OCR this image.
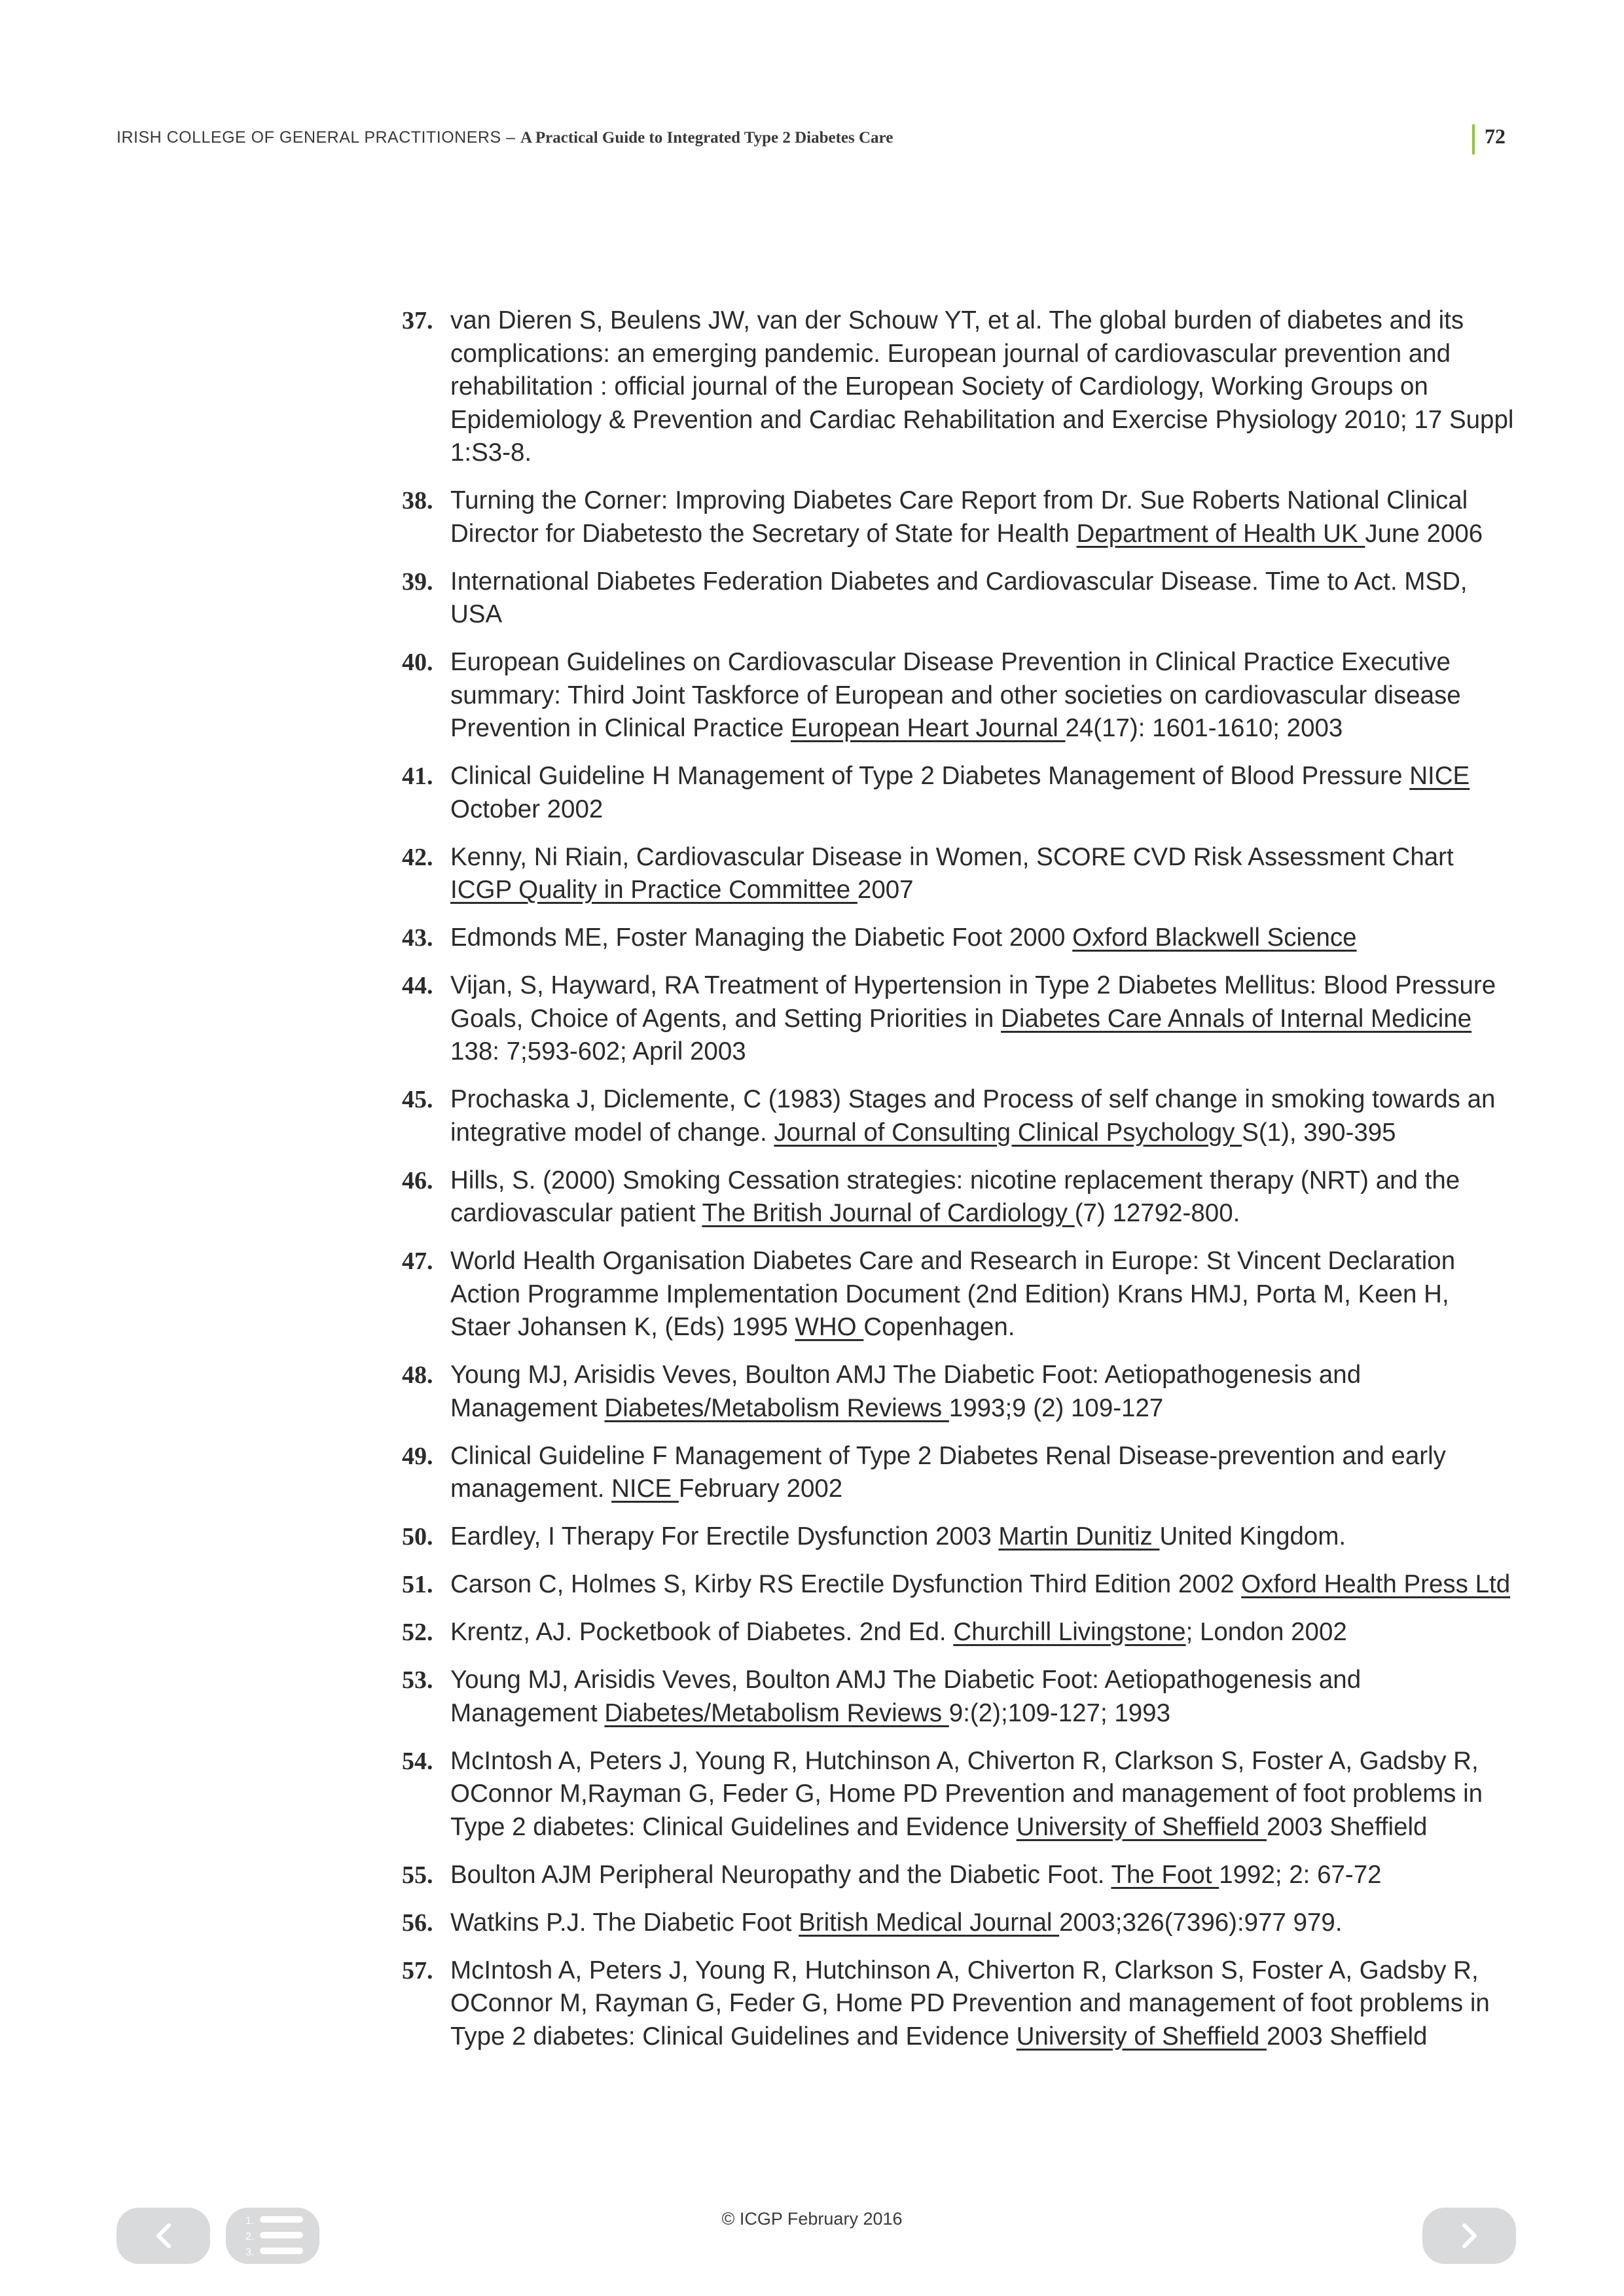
IRISH COLLEGE OF GENERAL PRACTITIONERS – A Practical Guide to Integrated Type 2 Diabetes Care	72
37. van Dieren S, Beulens JW, van der Schouw YT, et al. The global burden of diabetes and its complications: an emerging pandemic. European journal of cardiovascular prevention and rehabilitation : official journal of the European Society of Cardiology, Working Groups on Epidemiology & Prevention and Cardiac Rehabilitation and Exercise Physiology 2010; 17 Suppl 1:S3-8.
38. Turning the Corner: Improving Diabetes Care Report from Dr. Sue Roberts National Clinical Director for Diabetesto the Secretary of State for Health Department of Health UK June 2006
39. International Diabetes Federation Diabetes and Cardiovascular Disease. Time to Act. MSD, USA
40. European Guidelines on Cardiovascular Disease Prevention in Clinical Practice Executive summary: Third Joint Taskforce of European and other societies on cardiovascular disease Prevention in Clinical Practice European Heart Journal 24(17): 1601-1610; 2003
41. Clinical Guideline H Management of Type 2 Diabetes Management of Blood Pressure NICE October 2002
42. Kenny, Ni Riain, Cardiovascular Disease in Women, SCORE CVD Risk Assessment Chart ICGP Quality in Practice Committee 2007
43. Edmonds ME, Foster Managing the Diabetic Foot 2000 Oxford Blackwell Science
44. Vijan, S, Hayward, RA Treatment of Hypertension in Type 2 Diabetes Mellitus: Blood Pressure Goals, Choice of Agents, and Setting Priorities in Diabetes Care Annals of Internal Medicine 138: 7;593-602; April 2003
45. Prochaska J, Diclemente, C (1983) Stages and Process of self change in smoking towards an integrative model of change. Journal of Consulting Clinical Psychology S(1), 390-395
46. Hills, S. (2000) Smoking Cessation strategies: nicotine replacement therapy (NRT) and the cardiovascular patient The British Journal of Cardiology (7) 12792-800.
47. World Health Organisation Diabetes Care and Research in Europe: St Vincent Declaration Action Programme Implementation Document (2nd Edition) Krans HMJ, Porta M, Keen H, Staer Johansen K, (Eds) 1995 WHO Copenhagen.
48. Young MJ, Arisidis Veves, Boulton AMJ The Diabetic Foot: Aetiopathogenesis and Management Diabetes/Metabolism Reviews 1993;9 (2) 109-127
49. Clinical Guideline F Management of Type 2 Diabetes Renal Disease-prevention and early management. NICE February 2002
50. Eardley, I Therapy For Erectile Dysfunction 2003 Martin Dunitiz United Kingdom.
51. Carson C, Holmes S, Kirby RS Erectile Dysfunction Third Edition 2002 Oxford Health Press Ltd
52. Krentz, AJ. Pocketbook of Diabetes. 2nd Ed. Churchill Livingstone; London 2002
53. Young MJ, Arisidis Veves, Boulton AMJ The Diabetic Foot: Aetiopathogenesis and Management Diabetes/Metabolism Reviews 9:(2);109-127; 1993
54. McIntosh A, Peters J, Young R, Hutchinson A, Chiverton R, Clarkson S, Foster A, Gadsby R, OConnor M,Rayman G, Feder G, Home PD Prevention and management of foot problems in Type 2 diabetes: Clinical Guidelines and Evidence University of Sheffield 2003 Sheffield
55. Boulton AJM Peripheral Neuropathy and the Diabetic Foot. The Foot 1992; 2: 67-72
56. Watkins P.J. The Diabetic Foot British Medical Journal 2003;326(7396):977 979.
57. McIntosh A, Peters J, Young R, Hutchinson A, Chiverton R, Clarkson S, Foster A, Gadsby R, OConnor M, Rayman G, Feder G, Home PD Prevention and management of foot problems in Type 2 diabetes: Clinical Guidelines and Evidence University of Sheffield 2003 Sheffield
1.
2.
3.
© ICGP February 2016
